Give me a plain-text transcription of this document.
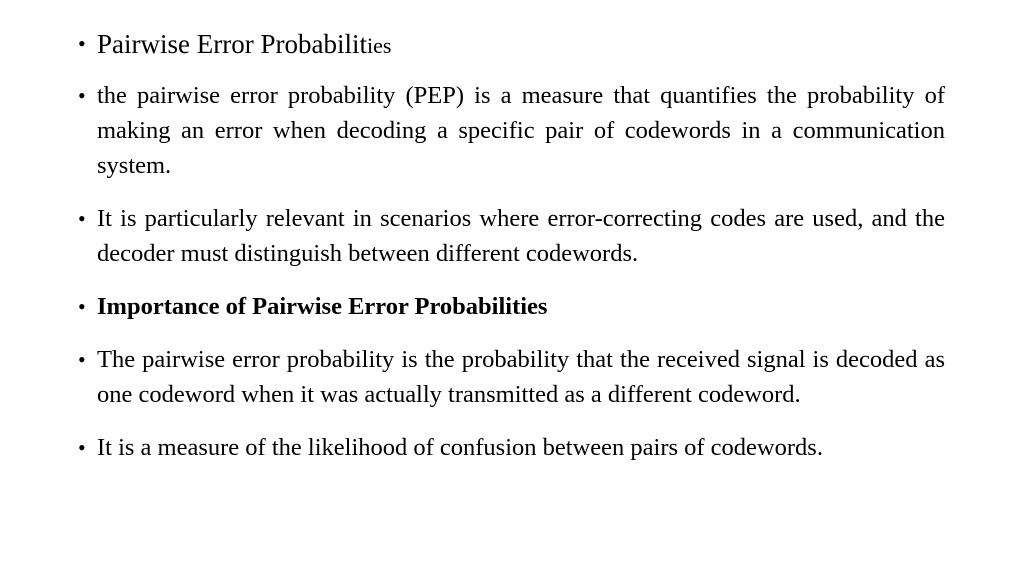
• Pairwise Error Probabilities
• the pairwise error probability (PEP) is a measure that quantifies the probability of making an error when decoding a specific pair of codewords in a communication system.
• It is particularly relevant in scenarios where error-correcting codes are used, and the decoder must distinguish between different codewords.
• Importance of Pairwise Error Probabilities
• The pairwise error probability is the probability that the received signal is decoded as one codeword when it was actually transmitted as a different codeword.
• It is a measure of the likelihood of confusion between pairs of codewords.
